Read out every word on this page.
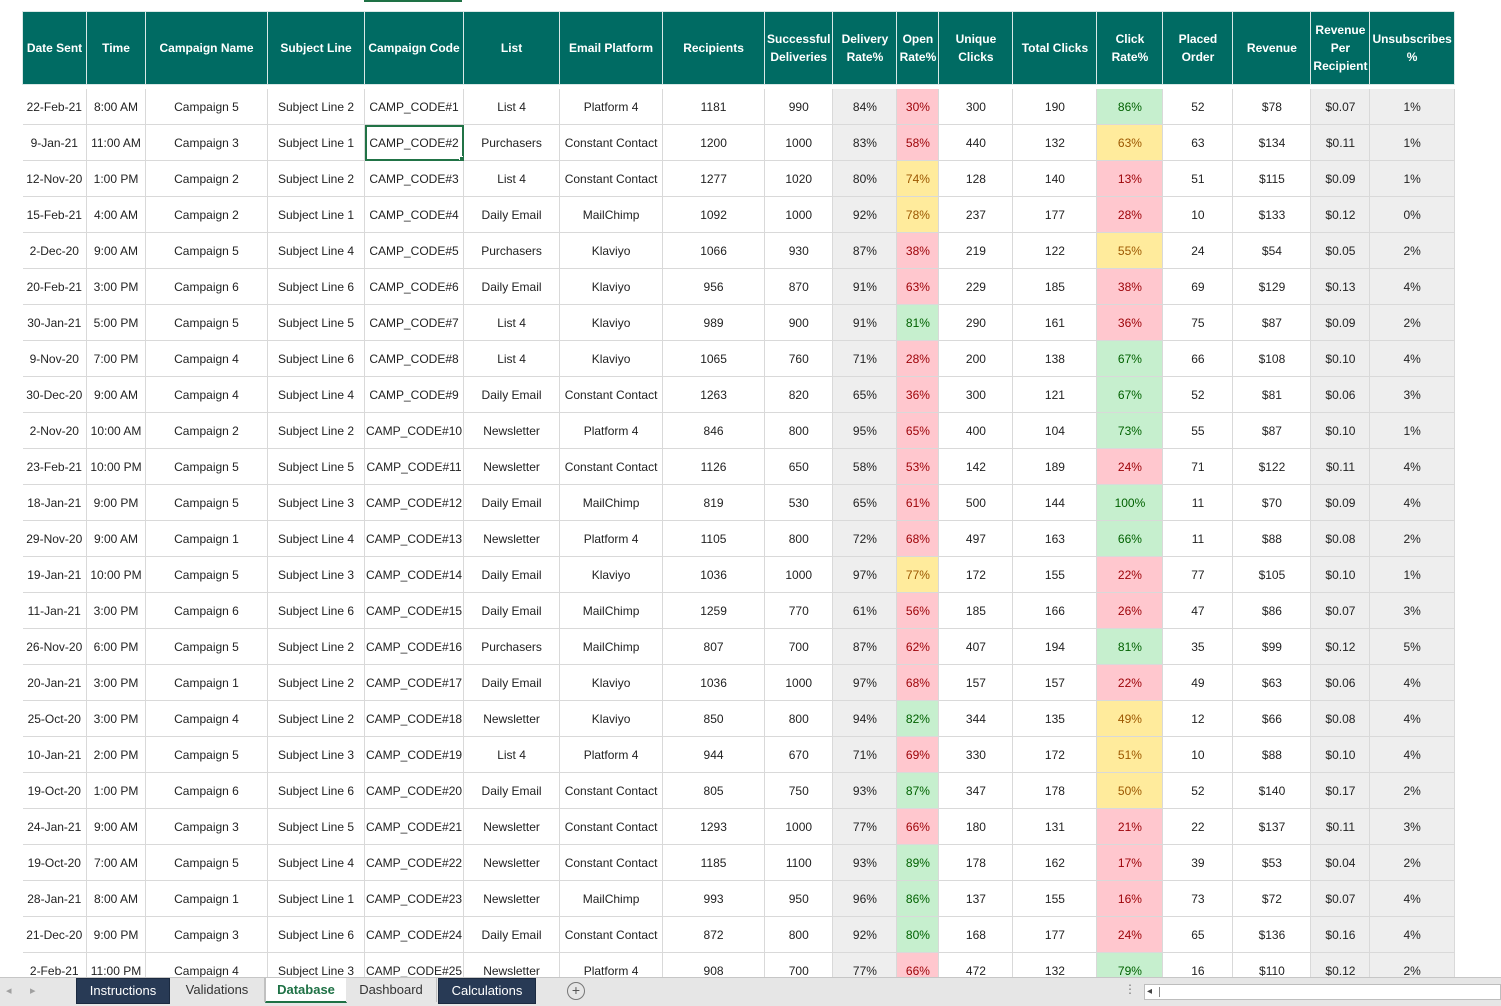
Date Sent	Time	Campaign Name	Subject Line	Campaign Code	List	Email Platform	Recipients	Successful Deliveries	Delivery Rate%	Open Rate%	Unique Clicks	Total Clicks	Click Rate%	Placed Order	Revenue	Revenue Per Recipient	Unsubscribes %

22-Feb-21	8:00 AM	Campaign 5	Subject Line 2	CAMP_CODE#1	List 4	Platform 4	1181	990	84%	30%	300	190	86%	52	$78	$0.07	1%
9-Jan-21	11:00 AM	Campaign 3	Subject Line 1	CAMP_CODE#2	Purchasers	Constant Contact	1200	1000	83%	58%	440	132	63%	63	$134	$0.11	1%
12-Nov-20	1:00 PM	Campaign 2	Subject Line 2	CAMP_CODE#3	List 4	Constant Contact	1277	1020	80%	74%	128	140	13%	51	$115	$0.09	1%
15-Feb-21	4:00 AM	Campaign 2	Subject Line 1	CAMP_CODE#4	Daily Email	MailChimp	1092	1000	92%	78%	237	177	28%	10	$133	$0.12	0%
2-Dec-20	9:00 AM	Campaign 5	Subject Line 4	CAMP_CODE#5	Purchasers	Klaviyo	1066	930	87%	38%	219	122	55%	24	$54	$0.05	2%
20-Feb-21	3:00 PM	Campaign 6	Subject Line 6	CAMP_CODE#6	Daily Email	Klaviyo	956	870	91%	63%	229	185	38%	69	$129	$0.13	4%
30-Jan-21	5:00 PM	Campaign 5	Subject Line 5	CAMP_CODE#7	List 4	Klaviyo	989	900	91%	81%	290	161	36%	75	$87	$0.09	2%
9-Nov-20	7:00 PM	Campaign 4	Subject Line 6	CAMP_CODE#8	List 4	Klaviyo	1065	760	71%	28%	200	138	67%	66	$108	$0.10	4%
30-Dec-20	9:00 AM	Campaign 4	Subject Line 4	CAMP_CODE#9	Daily Email	Constant Contact	1263	820	65%	36%	300	121	67%	52	$81	$0.06	3%
2-Nov-20	10:00 AM	Campaign 2	Subject Line 2	CAMP_CODE#10	Newsletter	Platform 4	846	800	95%	65%	400	104	73%	55	$87	$0.10	1%
23-Feb-21	10:00 PM	Campaign 5	Subject Line 5	CAMP_CODE#11	Newsletter	Constant Contact	1126	650	58%	53%	142	189	24%	71	$122	$0.11	4%
18-Jan-21	9:00 PM	Campaign 5	Subject Line 3	CAMP_CODE#12	Daily Email	MailChimp	819	530	65%	61%	500	144	100%	11	$70	$0.09	4%
29-Nov-20	9:00 AM	Campaign 1	Subject Line 4	CAMP_CODE#13	Newsletter	Platform 4	1105	800	72%	68%	497	163	66%	11	$88	$0.08	2%
19-Jan-21	10:00 PM	Campaign 5	Subject Line 3	CAMP_CODE#14	Daily Email	Klaviyo	1036	1000	97%	77%	172	155	22%	77	$105	$0.10	1%
11-Jan-21	3:00 PM	Campaign 6	Subject Line 6	CAMP_CODE#15	Daily Email	MailChimp	1259	770	61%	56%	185	166	26%	47	$86	$0.07	3%
26-Nov-20	6:00 PM	Campaign 5	Subject Line 2	CAMP_CODE#16	Purchasers	MailChimp	807	700	87%	62%	407	194	81%	35	$99	$0.12	5%
20-Jan-21	3:00 PM	Campaign 1	Subject Line 2	CAMP_CODE#17	Daily Email	Klaviyo	1036	1000	97%	68%	157	157	22%	49	$63	$0.06	4%
25-Oct-20	3:00 PM	Campaign 4	Subject Line 2	CAMP_CODE#18	Newsletter	Klaviyo	850	800	94%	82%	344	135	49%	12	$66	$0.08	4%
10-Jan-21	2:00 PM	Campaign 5	Subject Line 3	CAMP_CODE#19	List 4	Platform 4	944	670	71%	69%	330	172	51%	10	$88	$0.10	4%
19-Oct-20	1:00 PM	Campaign 6	Subject Line 6	CAMP_CODE#20	Daily Email	Constant Contact	805	750	93%	87%	347	178	50%	52	$140	$0.17	2%
24-Jan-21	9:00 AM	Campaign 3	Subject Line 5	CAMP_CODE#21	Newsletter	Constant Contact	1293	1000	77%	66%	180	131	21%	22	$137	$0.11	3%
19-Oct-20	7:00 AM	Campaign 5	Subject Line 4	CAMP_CODE#22	Newsletter	Constant Contact	1185	1100	93%	89%	178	162	17%	39	$53	$0.04	2%
28-Jan-21	8:00 AM	Campaign 1	Subject Line 1	CAMP_CODE#23	Newsletter	MailChimp	993	950	96%	86%	137	155	16%	73	$72	$0.07	4%
21-Dec-20	9:00 PM	Campaign 3	Subject Line 6	CAMP_CODE#24	Daily Email	Constant Contact	872	800	92%	80%	168	177	24%	65	$136	$0.16	4%
2-Feb-21	11:00 PM	Campaign 4	Subject Line 3	CAMP_CODE#25	Newsletter	Platform 4	908	700	77%	66%	472	132	79%	16	$110	$0.12	2%
◂ ▸	Instructions	Validations	Database	Dashboard	Calculations	+	⋮ ◂
